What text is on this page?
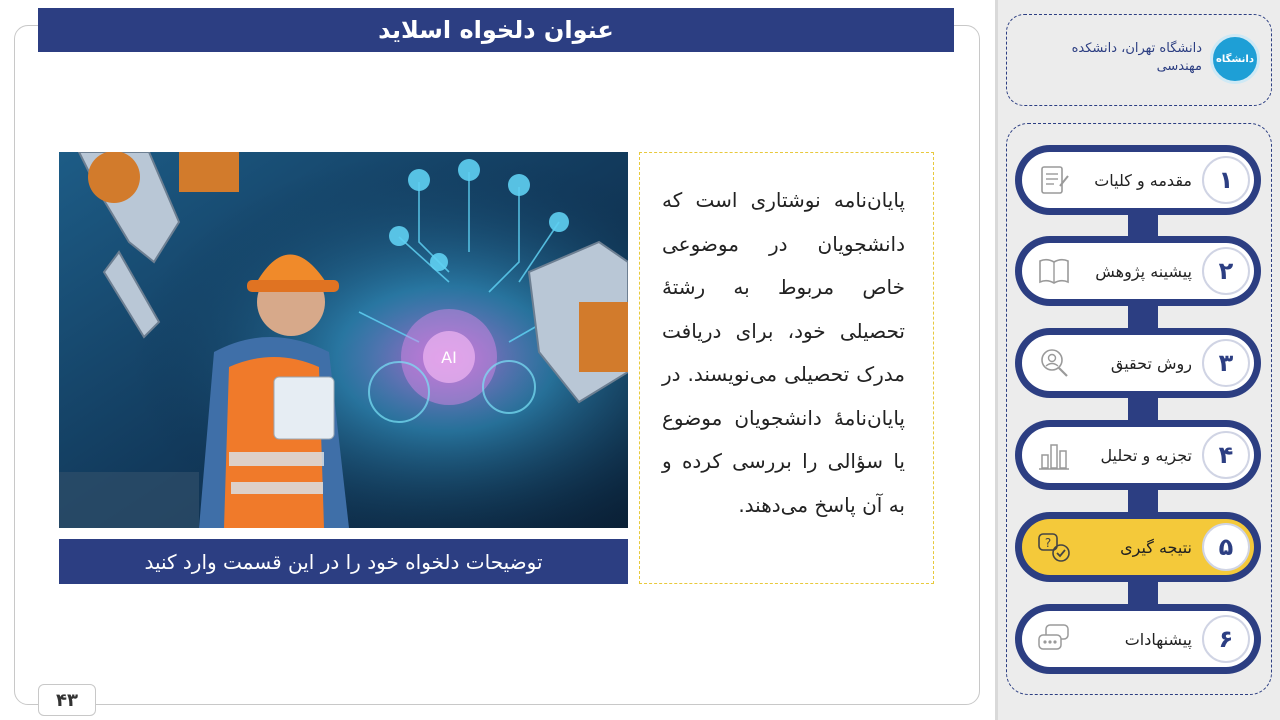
عنوان دلخواه اسلاید
AI
توضیحات دلخواه خود را در این قسمت وارد کنید
پایان‌نامه نوشتاری است که دانشجویان در موضوعی خاص مربوط به رشتهٔ تحصیلی خود، برای دریافت مدرک تحصیلی می‌نویسند. در پایان‌نامهٔ دانشجویان موضوع یا سؤالی را بررسی کرده و به آن پاسخ می‌دهند.
۴۳
دانشگاه
دانشگاه تهران، دانشکده مهندسی
۱
مقدمه و کلیات
۲
پیشینه پژوهش
۳
روش تحقیق
۴
تجزیه و تحلیل
۵
نتیجه گیری
?
۶
پیشنهادات
